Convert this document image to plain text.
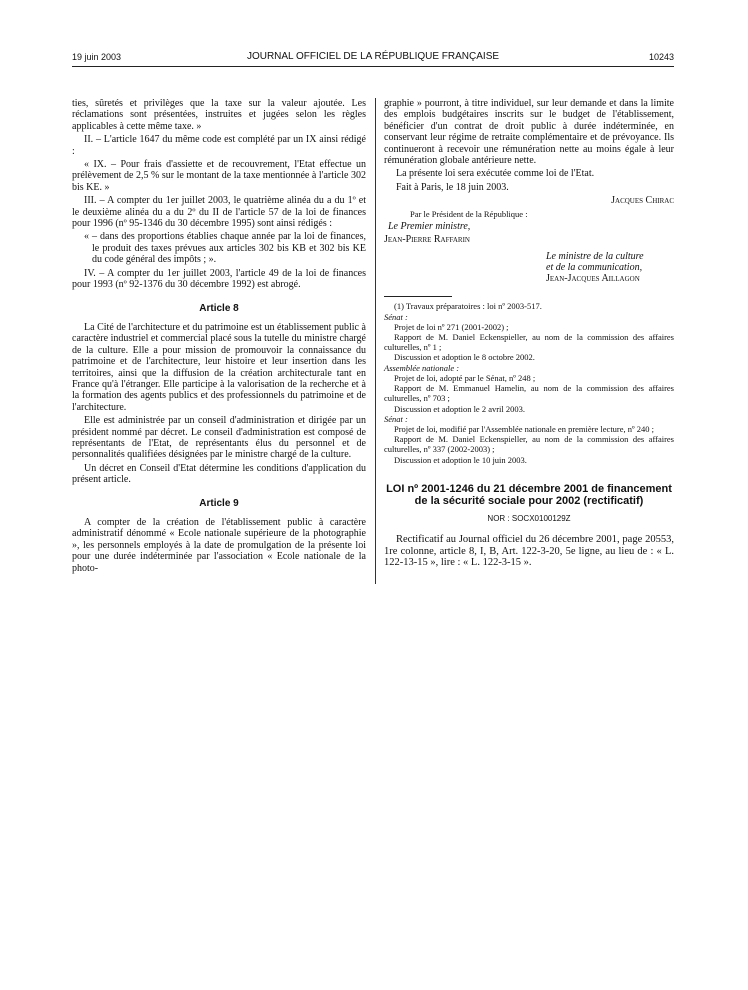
19 juin 2003	JOURNAL OFFICIEL DE LA RÉPUBLIQUE FRANÇAISE	10243

ties, sûretés et privilèges que la taxe sur la valeur ajoutée. Les réclamations sont présentées, instruites et jugées selon les règles applicables à cette même taxe. »

II. – L'article 1647 du même code est complété par un IX ainsi rédigé :

« IX. – Pour frais d'assiette et de recouvrement, l'Etat effectue un prélèvement de 2,5 % sur le montant de la taxe mentionnée à l'article 302 bis KE. »

III. – A compter du 1er juillet 2003, le quatrième alinéa du a du 1º et le deuxième alinéa du a du 2º du II de l'article 57 de la loi de finances pour 1996 (nº 95-1346 du 30 décembre 1995) sont ainsi rédigés :

« – dans des proportions établies chaque année par la loi de finances, le produit des taxes prévues aux articles 302 bis KB et 302 bis KE du code général des impôts ; ».

IV. – A compter du 1er juillet 2003, l'article 49 de la loi de finances pour 1993 (nº 92-1376 du 30 décembre 1992) est abrogé.

Article 8

La Cité de l'architecture et du patrimoine est un établissement public à caractère industriel et commercial placé sous la tutelle du ministre chargé de la culture. Elle a pour mission de promouvoir la connaissance du patrimoine et de l'architecture, leur histoire et leur insertion dans les territoires, ainsi que la diffusion de la création architecturale tant en France qu'à l'étranger. Elle participe à la valorisation de la recherche et à la formation des agents publics et des professionnels du patrimoine et de l'architecture.

Elle est administrée par un conseil d'administration et dirigée par un président nommé par décret. Le conseil d'administration est composé de représentants de l'Etat, de représentants élus du personnel et de personnalités qualifiées désignées par le ministre chargé de la culture.

Un décret en Conseil d'Etat détermine les conditions d'application du présent article.

Article 9

A compter de la création de l'établissement public à caractère administratif dénommé « Ecole nationale supérieure de la photographie », les personnels employés à la date de promulgation de la présente loi pour une durée indéterminée par l'association « Ecole nationale de la photo-

graphie » pourront, à titre individuel, sur leur demande et dans la limite des emplois budgétaires inscrits sur le budget de l'établissement, bénéficier d'un contrat de droit public à durée indéterminée, en conservant leur régime de retraite complémentaire et de prévoyance. Ils continueront à recevoir une rémunération nette au moins égale à leur rémunération globale antérieure nette.

La présente loi sera exécutée comme loi de l'Etat.

Fait à Paris, le 18 juin 2003.

Jacques Chirac
Par le Président de la République :
Le Premier ministre,
Jean-Pierre Raffarin
Le ministre de la culture
et de la communication,
Jean-Jacques Aillagon

(1) Travaux préparatoires : loi nº 2003-517.

Sénat :

Projet de loi nº 271 (2001-2002) ;

Rapport de M. Daniel Eckenspieller, au nom de la commission des affaires culturelles, nº 1 ;

Discussion et adoption le 8 octobre 2002.

Assemblée nationale :

Projet de loi, adopté par le Sénat, nº 248 ;

Rapport de M. Emmanuel Hamelin, au nom de la commission des affaires culturelles, nº 703 ;

Discussion et adoption le 2 avril 2003.

Sénat :

Projet de loi, modifié par l'Assemblée nationale en première lecture, nº 240 ;

Rapport de M. Daniel Eckenspieller, au nom de la commission des affaires culturelles, nº 337 (2002-2003) ;

Discussion et adoption le 10 juin 2003.

LOI nº 2001-1246 du 21 décembre 2001 de financement de la sécurité sociale pour 2002 (rectificatif)
NOR : SOCX0100129Z

Rectificatif au Journal officiel du 26 décembre 2001, page 20553, 1re colonne, article 8, I, B, Art. 122-3-20, 5e ligne, au lieu de : « L. 122-13-15 », lire : « L. 122-3-15 ».
